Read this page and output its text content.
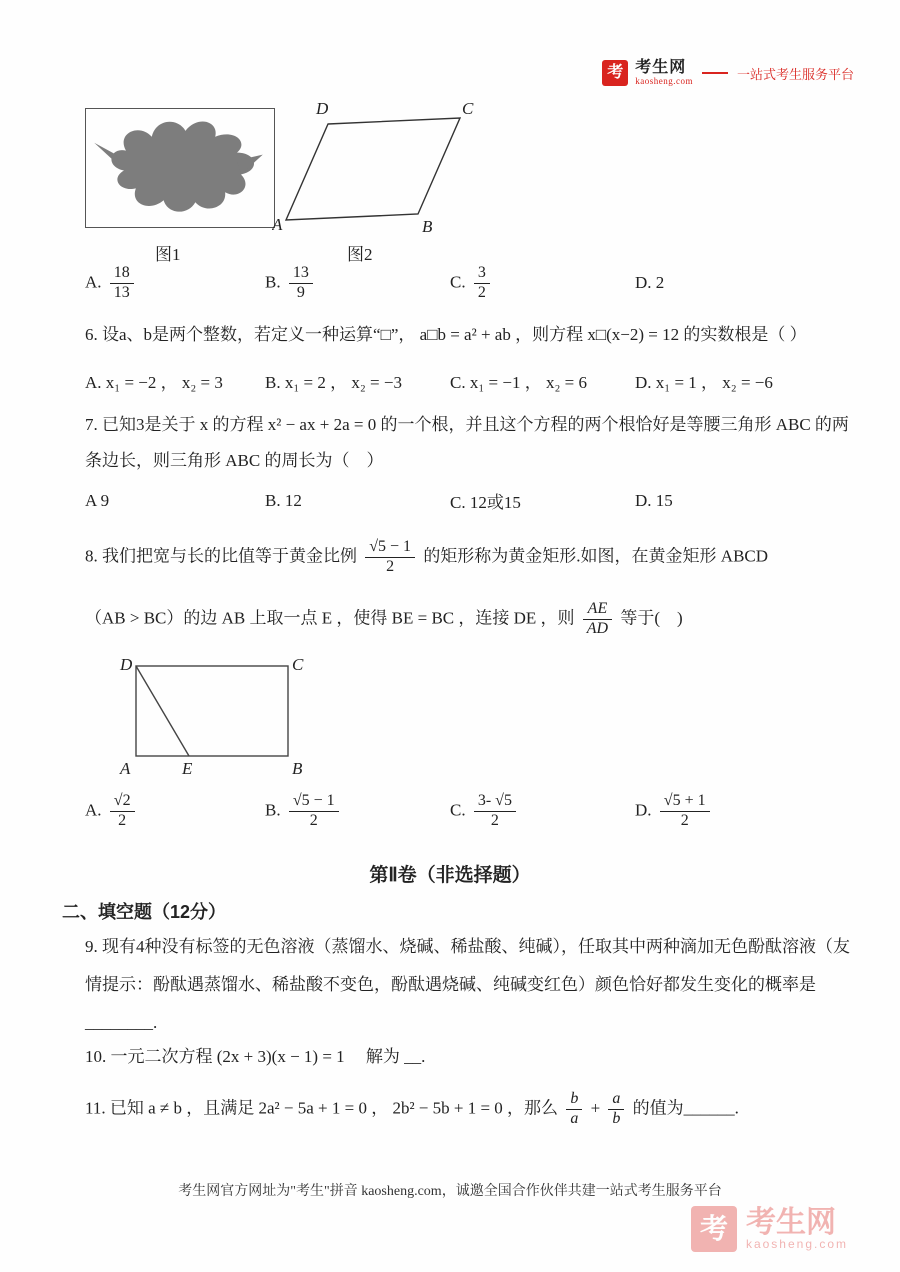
考 考生网
kaosheng.com	一站式考生服务平台
D	C
A	B
图1	图2
A. $\frac{18}{13}$	B. $\frac{13}{9}$	C. $\frac{3}{2}$	D. 2
6. 设a、b是两个整数，若定义一种运算“□”， a□b = a² + ab ，则方程 x□(x−2) = 12 的实数根是（ ）
A. x₁ = −2 ， x₂ = 3	B. x₁ = 2 ， x₂ = −3	C. x₁ = −1 ， x₂ = 6	D. x₁ = 1 ， x₂ = −6
7. 已知3是关于 x 的方程 x² − ax + 2a = 0 的一个根，并且这个方程的两个根恰好是等腰三角形 ABC 的两
条边长，则三角形 ABC 的周长为（　）
A 9	B. 12	C. 12或15	D. 15
8. 我们把宽与长的比值等于黄金比例 $\frac{√5 - 1}{2}$ 的矩形称为黄金矩形.如图，在黄金矩形 ABCD
（AB > BC）的边 AB 上取一点 E ，使得 BE = BC ，连接 DE ，则 $\frac{AE}{AD}$ 等于(　)
D	C
A	B
E
A. $\frac{√2}{2}$	B. $\frac{√5 - 1}{2}$	C. $\frac{3- √5}{2}$	D. $\frac{√5 + 1}{2}$
第Ⅱ卷（非选择题）
二、填空题（12分）
9. 现有4种没有标签的无色溶液（蒸馏水、烧碱、稀盐酸、纯碱），任取其中两种滴加无色酚酞溶液（友
情提示：酚酞遇蒸馏水、稀盐酸不变色，酚酞遇烧碱、纯碱变红色）颜色恰好都发生变化的概率是
________.
10. 一元二次方程 (2x + 3)(x − 1) = 1 　解为 __.
11. 已知 a ≠ b ，且满足 2a² − 5a + 1 = 0 ， 2b² − 5b + 1 = 0 ，那么 $\frac{b}{a} + \frac{a}{b}$ 的值为______.
考生网官方网址为"考生"拼音 kaosheng.com，诚邀全国合作伙伴共建一站式考生服务平台
考 考生网
kaosheng.com
